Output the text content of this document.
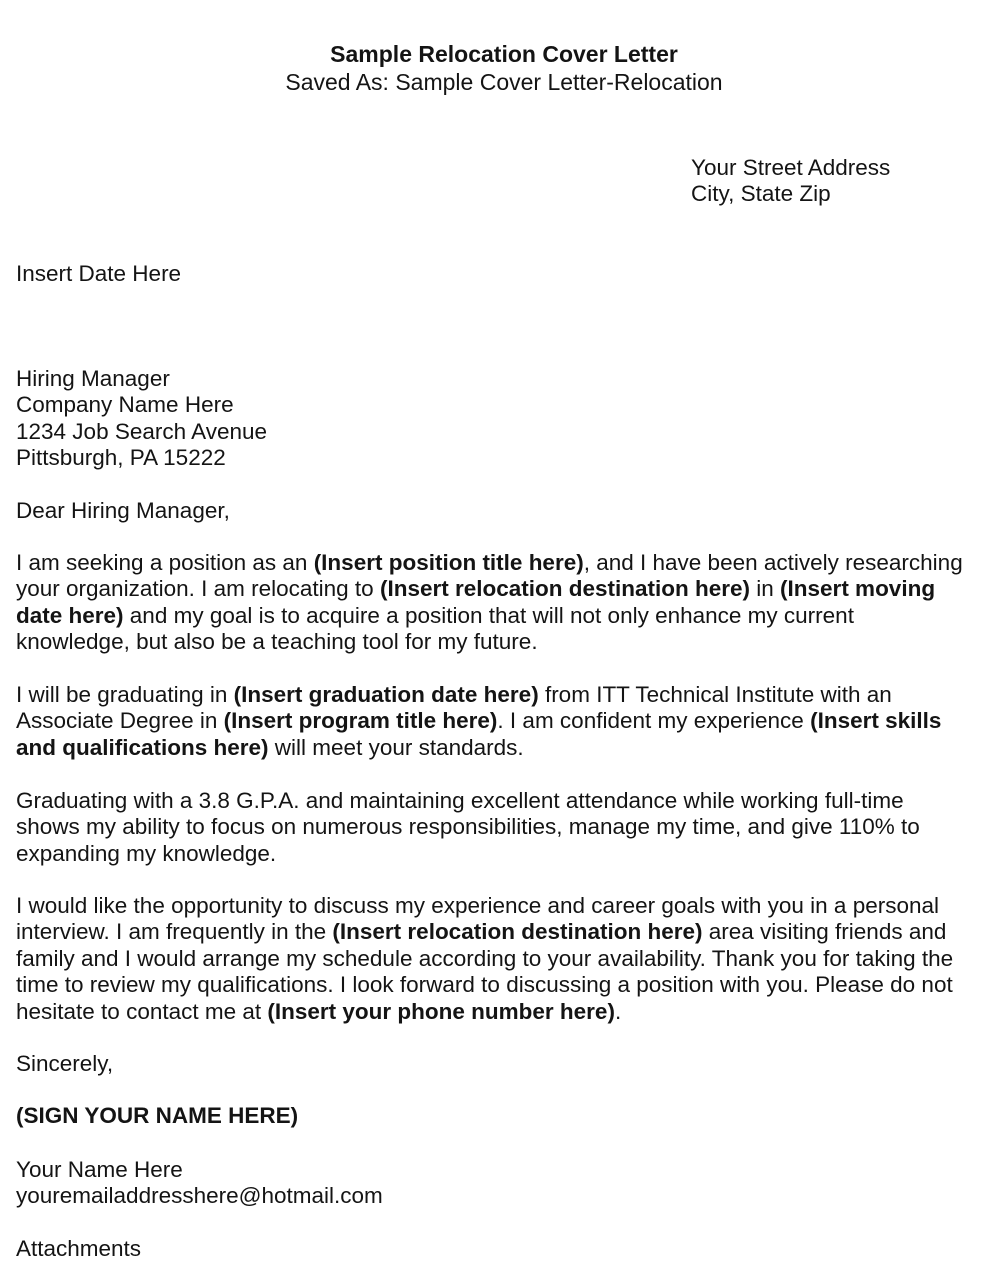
Sample Relocation Cover Letter
Saved As: Sample Cover Letter-Relocation
Your Street Address
City, State Zip
Insert Date Here
Hiring Manager
Company Name Here
1234 Job Search Avenue
Pittsburgh, PA 15222
Dear Hiring Manager,
I am seeking a position as an (Insert position title here), and I have been actively researching
your organization. I am relocating to (Insert relocation destination here) in (Insert moving
date here) and my goal is to acquire a position that will not only enhance my current
knowledge, but also be a teaching tool for my future.
I will be graduating in (Insert graduation date here) from ITT Technical Institute with an
Associate Degree in (Insert program title here). I am confident my experience (Insert skills
and qualifications here) will meet your standards.
Graduating with a 3.8 G.P.A. and maintaining excellent attendance while working full-time
shows my ability to focus on numerous responsibilities, manage my time, and give 110% to
expanding my knowledge.
I would like the opportunity to discuss my experience and career goals with you in a personal
interview. I am frequently in the (Insert relocation destination here) area visiting friends and
family and I would arrange my schedule according to your availability. Thank you for taking the
time to review my qualifications. I look forward to discussing a position with you. Please do not
hesitate to contact me at (Insert your phone number here).
Sincerely,
(SIGN YOUR NAME HERE)
Your Name Here
youremailaddresshere@hotmail.com
Attachments
